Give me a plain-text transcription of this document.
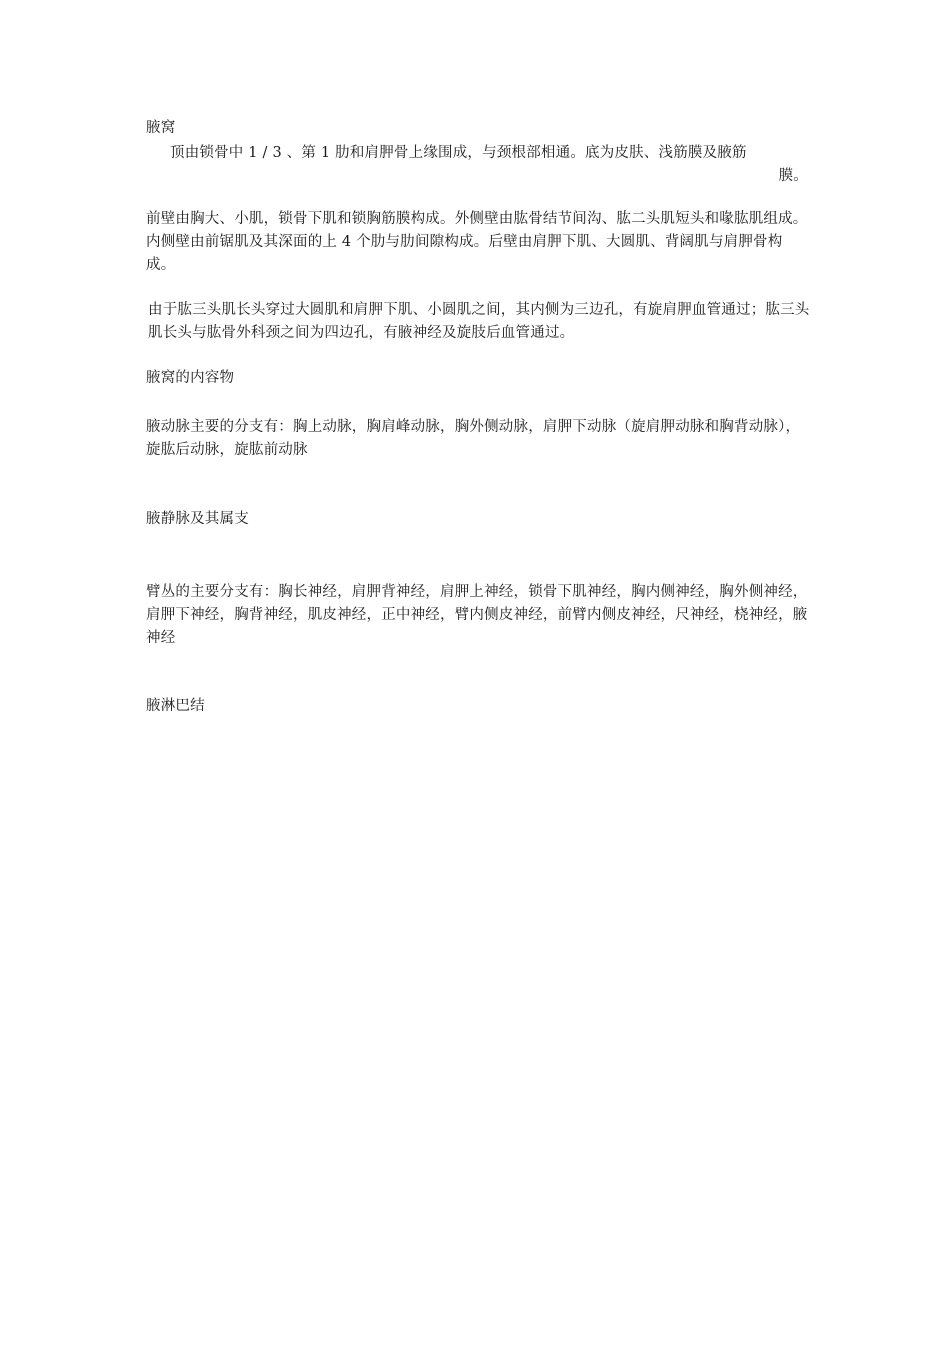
腋窝
顶由锁骨中 1 / 3 、第 1 肋和肩胛骨上缘围成，与颈根部相通。底为皮肤、浅筋膜及腋筋
膜。
前壁由胸大、小肌，锁骨下肌和锁胸筋膜构成。外侧壁由肱骨结节间沟、肱二头肌短头和喙肱肌组成。 内侧壁由前锯肌及其深面的上 4 个肋与肋间隙构成。后壁由肩胛下肌、大圆肌、背阔肌与肩胛骨构成。
由于肱三头肌长头穿过大圆肌和肩胛下肌、小圆肌之间，其内侧为三边孔，有旋肩胛血管通过；肱三头肌长头与肱骨外科颈之间为四边孔，有腋神经及旋肢后血管通过。
腋窝的内容物
腋动脉主要的分支有：胸上动脉，胸肩峰动脉，胸外侧动脉，肩胛下动脉（旋肩胛动脉和胸背动脉），旋肱后动脉，旋肱前动脉
腋静脉及其属支
臂丛的主要分支有：胸长神经，肩胛背神经，肩胛上神经，锁骨下肌神经，胸内侧神经，胸外侧神经，肩胛下神经，胸背神经，肌皮神经，正中神经，臂内侧皮神经，前臂内侧皮神经，尺神经，桡神经，腋神经
腋淋巴结
